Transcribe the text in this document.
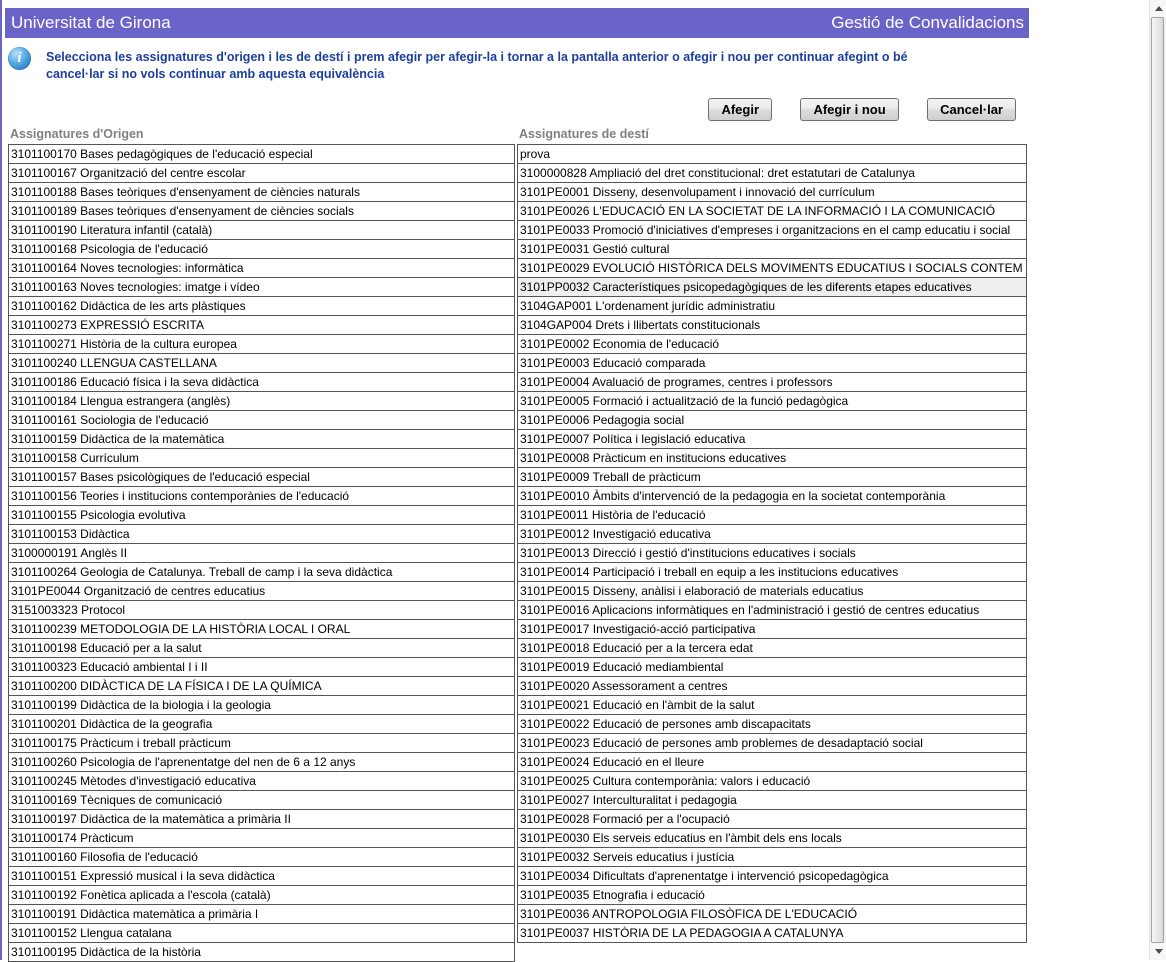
Universitat de Girona	Gestió de Convalidacions
i	Selecciona les assignatures d'origen i les de destí i prem afegir per afegir-la i tornar a la pantalla anterior o afegir i nou per continuar afegint o bé
cancel·lar si no vols continuar amb aquesta equivalència
Afegir	Afegir i nou	Cancel·lar
Assignatures d'Origen	Assignatures de destí
3101100170 Bases pedagògiques de l'educació especial
3101100167 Organització del centre escolar
3101100188 Bases teòriques d'ensenyament de ciències naturals
3101100189 Bases teòriques d'ensenyament de ciències socials
3101100190 Literatura infantil (català)
3101100168 Psicologia de l'educació
3101100164 Noves tecnologies: informàtica
3101100163 Noves tecnologies: imatge i vídeo
3101100162 Didàctica de les arts plàstiques
3101100273 EXPRESSIÓ ESCRITA
3101100271 Història de la cultura europea
3101100240 LLENGUA CASTELLANA
3101100186 Educació física i la seva didàctica
3101100184 Llengua estrangera (anglès)
3101100161 Sociologia de l'educació
3101100159 Didàctica de la matemàtica
3101100158 Currículum
3101100157 Bases psicològiques de l'educació especial
3101100156 Teories i institucions contemporànies de l'educació
3101100155 Psicologia evolutiva
3101100153 Didàctica
3100000191 Anglès II
3101100264 Geologia de Catalunya. Treball de camp i la seva didàctica
3101PE0044 Organització de centres educatius
3151003323 Protocol
3101100239 METODOLOGIA DE LA HISTÒRIA LOCAL I ORAL
3101100198 Educació per a la salut
3101100323 Educació ambiental I i II
3101100200 DIDÀCTICA DE LA FÍSICA I DE LA QUÍMICA
3101100199 Didàctica de la biologia i la geologia
3101100201 Didàctica de la geografia
3101100175 Pràcticum i treball pràcticum
3101100260 Psicologia de l'aprenentatge del nen de 6 a 12 anys
3101100245 Mètodes d'investigació educativa
3101100169 Tècniques de comunicació
3101100197 Didàctica de la matemàtica a primària II
3101100174 Pràcticum
3101100160 Filosofia de l'educació
3101100151 Expressió musical i la seva didàctica
3101100192 Fonètica aplicada a l'escola (català)
3101100191 Didàctica matemàtica a primària I
3101100152 Llengua catalana
3101100195 Didàctica de la història
prova
3100000828 Ampliació del dret constitucional: dret estatutari de Catalunya
3101PE0001 Disseny, desenvolupament i innovació del currículum
3101PE0026 L'EDUCACIÓ EN LA SOCIETAT DE LA INFORMACIÓ I LA COMUNICACIÓ
3101PE0033 Promoció d'iniciatives d'empreses i organitzacions en el camp educatiu i social
3101PE0031 Gestió cultural
3101PE0029 EVOLUCIÓ HISTÒRICA DELS MOVIMENTS EDUCATIUS I SOCIALS CONTEM
3101PP0032 Característiques psicopedagògiques de les diferents etapes educatives
3104GAP001 L'ordenament jurídic administratiu
3104GAP004 Drets i llibertats constitucionals
3101PE0002 Economia de l'educació
3101PE0003 Educació comparada
3101PE0004 Avaluació de programes, centres i professors
3101PE0005 Formació i actualització de la funció pedagògica
3101PE0006 Pedagogia social
3101PE0007 Política i legislació educativa
3101PE0008 Pràcticum en institucions educatives
3101PE0009 Treball de pràcticum
3101PE0010 Àmbits d'intervenció de la pedagogia en la societat contemporània
3101PE0011 Història de l'educació
3101PE0012 Investigació educativa
3101PE0013 Direcció i gestió d'institucions educatives i socials
3101PE0014 Participació i treball en equip a les institucions educatives
3101PE0015 Disseny, anàlisi i elaboració de materials educatius
3101PE0016 Aplicacions informàtiques en l'administració i gestió de centres educatius
3101PE0017 Investigació-acció participativa
3101PE0018 Educació per a la tercera edat
3101PE0019 Educació mediambiental
3101PE0020 Assessorament a centres
3101PE0021 Educació en l'àmbit de la salut
3101PE0022 Educació de persones amb discapacitats
3101PE0023 Educació de persones amb problemes de desadaptació social
3101PE0024 Educació en el lleure
3101PE0025 Cultura contemporània: valors i educació
3101PE0027 Interculturalitat i pedagogia
3101PE0028 Formació per a l'ocupació
3101PE0030 Els serveis educatius en l'àmbit dels ens locals
3101PE0032 Serveis educatius i justícia
3101PE0034 Dificultats d'aprenentatge i intervenció psicopedagògica
3101PE0035 Etnografia i educació
3101PE0036 ANTROPOLOGIA FILOSÒFICA DE L'EDUCACIÓ
3101PE0037 HISTÒRIA DE LA PEDAGOGIA A CATALUNYA
